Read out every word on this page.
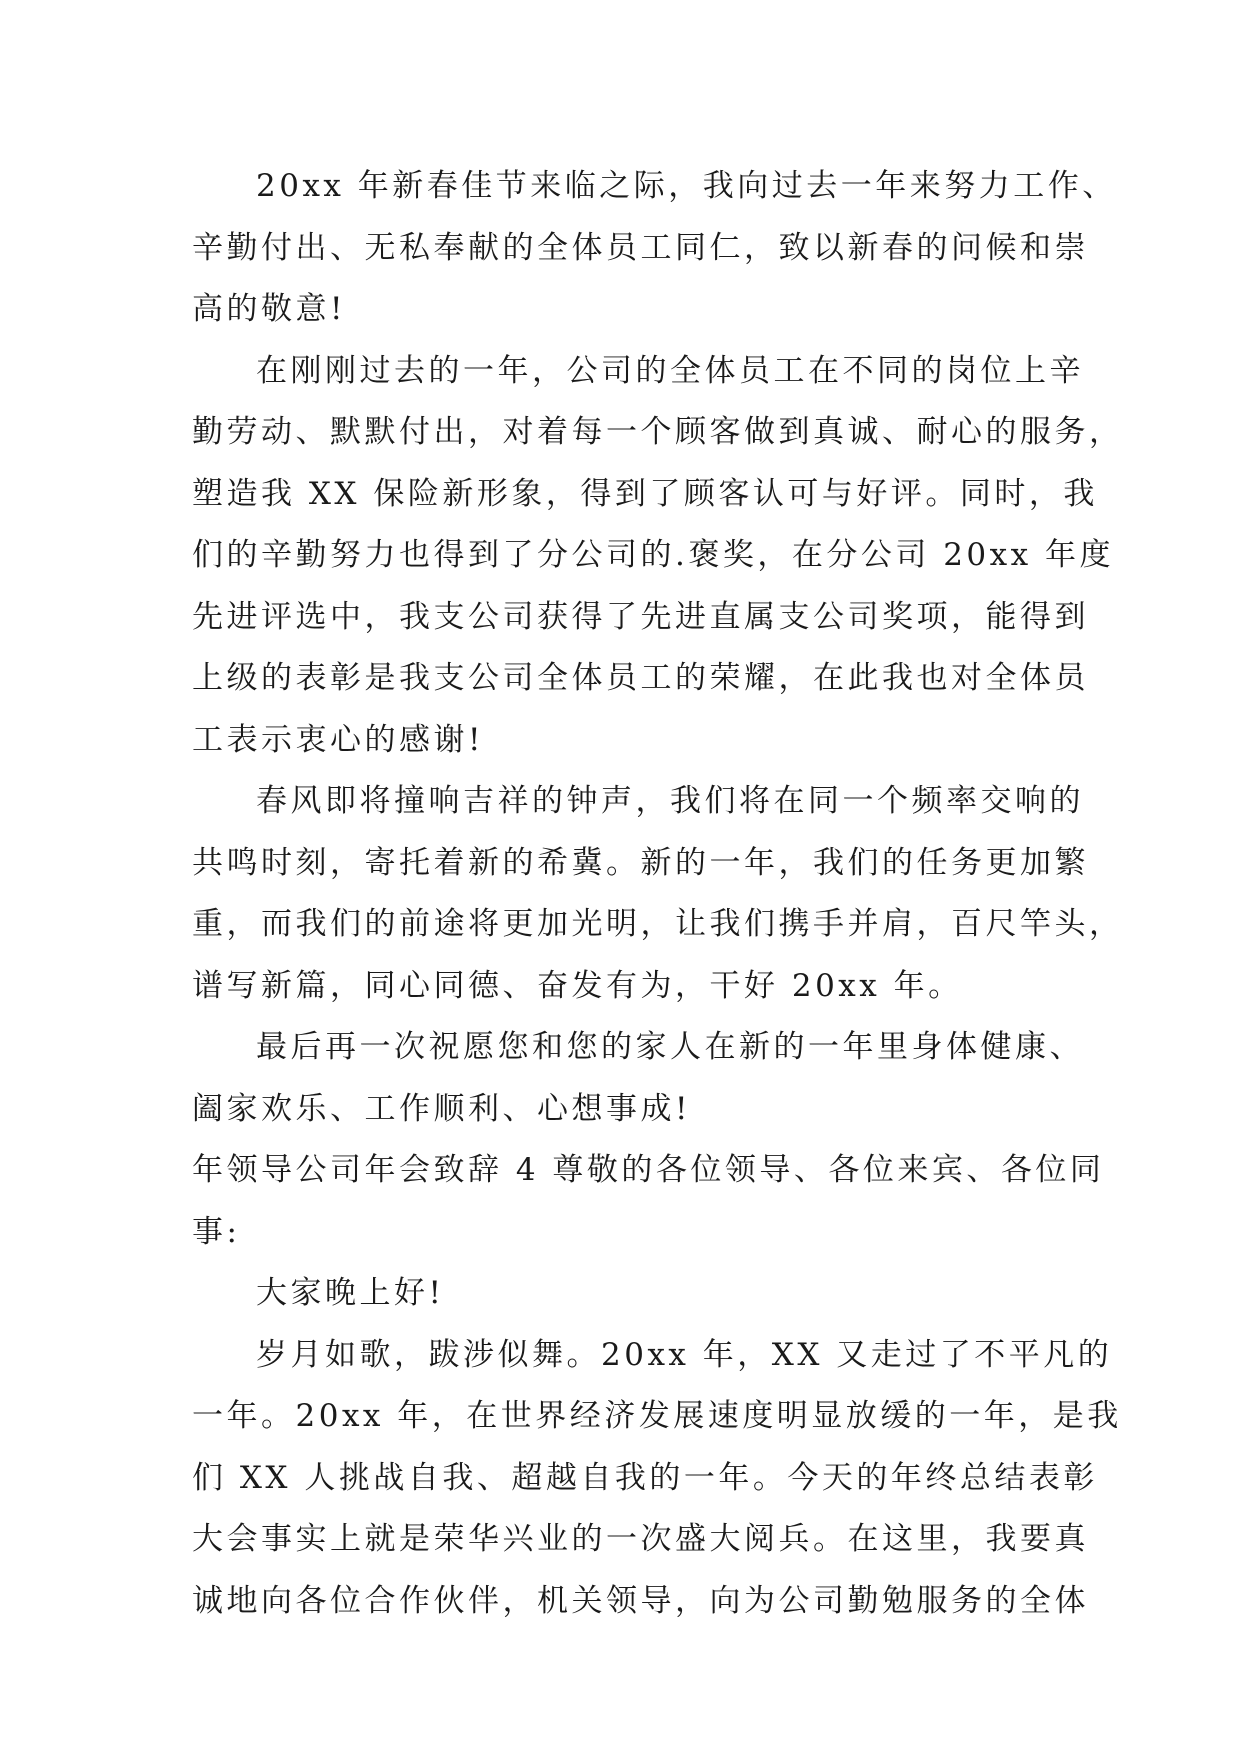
20xx 年新春佳节来临之际，我向过去一年来努力工作、
辛勤付出、无私奉献的全体员工同仁，致以新春的问候和崇
高的敬意!
在刚刚过去的一年，公司的全体员工在不同的岗位上辛
勤劳动、默默付出，对着每一个顾客做到真诚、耐心的服务，
塑造我 XX 保险新形象，得到了顾客认可与好评。同时，我
们的辛勤努力也得到了分公司的.褒奖，在分公司 20xx 年度
先进评选中，我支公司获得了先进直属支公司奖项，能得到
上级的表彰是我支公司全体员工的荣耀，在此我也对全体员
工表示衷心的感谢!
春风即将撞响吉祥的钟声，我们将在同一个频率交响的
共鸣时刻，寄托着新的希冀。新的一年，我们的任务更加繁
重，而我们的前途将更加光明，让我们携手并肩，百尺竿头，
谱写新篇，同心同德、奋发有为，干好 20xx 年。
最后再一次祝愿您和您的家人在新的一年里身体健康、
阖家欢乐、工作顺利、心想事成!
年领导公司年会致辞 4 尊敬的各位领导、各位来宾、各位同
事:
大家晚上好!
岁月如歌，跋涉似舞。20xx 年，XX 又走过了不平凡的
一年。20xx 年，在世界经济发展速度明显放缓的一年，是我
们 XX 人挑战自我、超越自我的一年。今天的年终总结表彰
大会事实上就是荣华兴业的一次盛大阅兵。在这里，我要真
诚地向各位合作伙伴，机关领导，向为公司勤勉服务的全体
